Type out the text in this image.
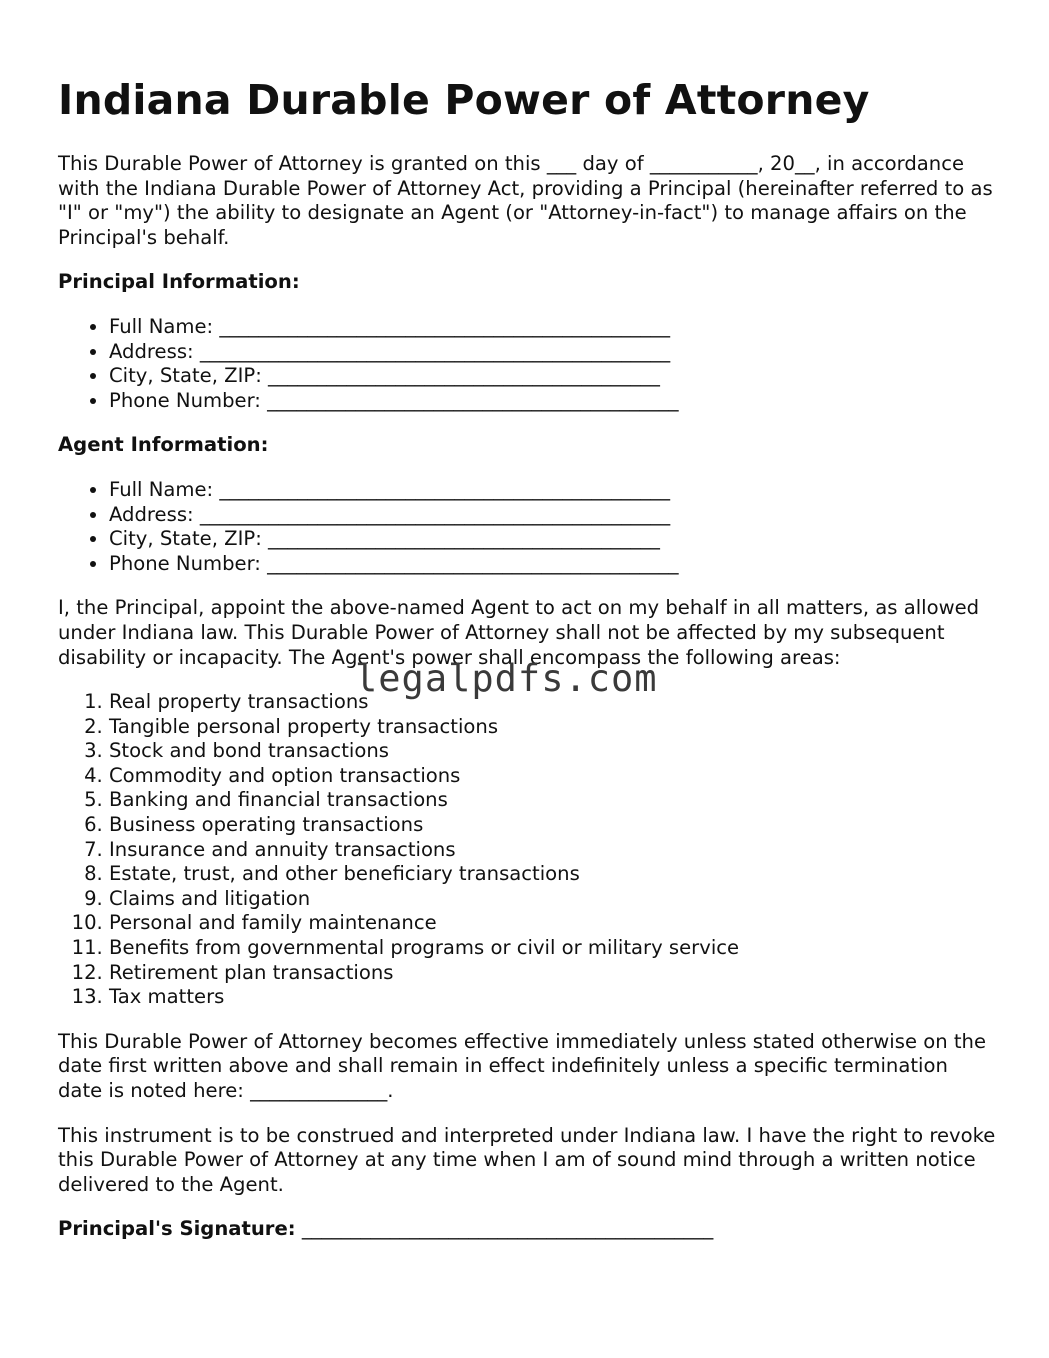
Indiana Durable Power of Attorney

This Durable Power of Attorney is granted on this ___ day of ___________, 20__, in accordance with the Indiana Durable Power of Attorney Act, providing a Principal (hereinafter referred to as "I" or "my") the ability to designate an Agent (or "Attorney-in-fact") to manage affairs on the Principal's behalf.

Principal Information:
• Full Name: ______________________________________________
• Address: ________________________________________________
• City, State, ZIP: ________________________________________
• Phone Number: __________________________________________
Agent Information:
• Full Name: ______________________________________________
• Address: ________________________________________________
• City, State, ZIP: ________________________________________
• Phone Number: __________________________________________

I, the Principal, appoint the above-named Agent to act on my behalf in all matters, as allowed under Indiana law. This Durable Power of Attorney shall not be affected by my subsequent disability or incapacity. The Agent's power shall encompass the following areas:

1. Real property transactions
2. Tangible personal property transactions
3. Stock and bond transactions
4. Commodity and option transactions
5. Banking and financial transactions
6. Business operating transactions
7. Insurance and annuity transactions
8. Estate, trust, and other beneficiary transactions
9. Claims and litigation
10. Personal and family maintenance
11. Benefits from governmental programs or civil or military service
12. Retirement plan transactions
13. Tax matters

This Durable Power of Attorney becomes effective immediately unless stated otherwise on the date first written above and shall remain in effect indefinitely unless a specific termination date is noted here: ______________.

This instrument is to be construed and interpreted under Indiana law. I have the right to revoke this Durable Power of Attorney at any time when I am of sound mind through a written notice delivered to the Agent.

Principal's Signature: __________________________________________

legalpdfs.com
